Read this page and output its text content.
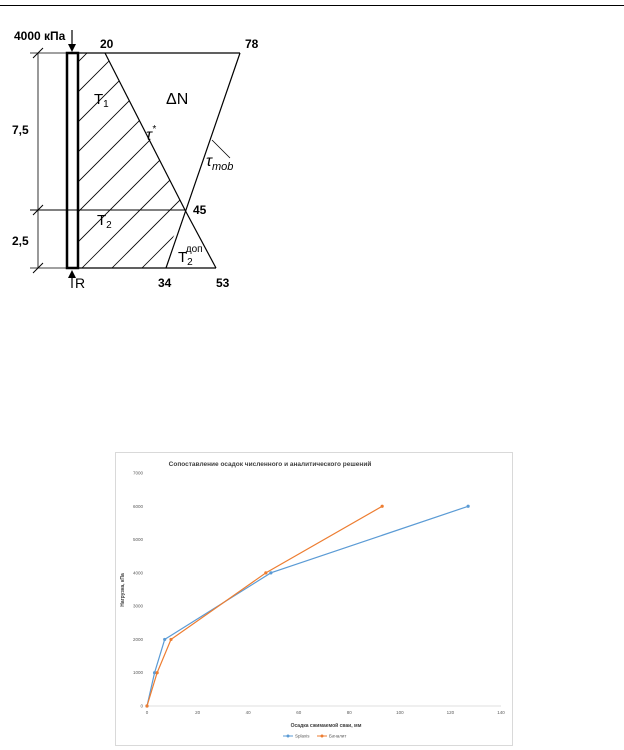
4000 кПа
7,5
2,5
20	78
45
34	53
$T_1$
$T_2$
$T_2доп$
ΔN
τ*
$\tau_{mob}$
R
Сопоставление осадок численного и аналитического решений
Осадка сжимаемой сваи, мм
Нагрузка, кПа
0	20	40	60	80	100	120	140
0
1000
2000
3000
4000
5000
6000
7000
Splaxis	Бачалит
